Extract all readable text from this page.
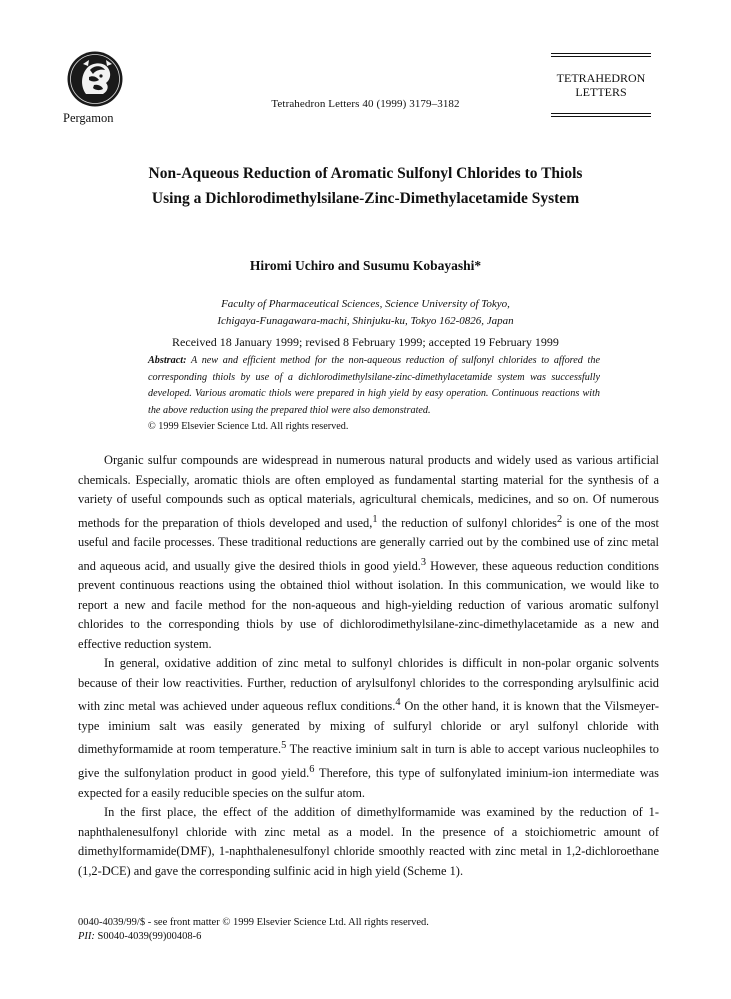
Pergamon
Tetrahedron Letters 40 (1999) 3179–3182
TETRAHEDRON
LETTERS
Non-Aqueous Reduction of Aromatic Sulfonyl Chlorides to Thiols
Using a Dichlorodimethylsilane-Zinc-Dimethylacetamide System
Hiromi Uchiro and Susumu Kobayashi*
Faculty of Pharmaceutical Sciences, Science University of Tokyo,
Ichigaya-Funagawara-machi, Shinjuku-ku, Tokyo 162-0826, Japan
Received 18 January 1999; revised 8 February 1999; accepted 19 February 1999
Abstract: A new and efficient method for the non-aqueous reduction of sulfonyl chlorides to affored the corresponding thiols by use of a dichlorodimethylsilane-zinc-dimethylacetamide system was successfully developed. Various aromatic thiols were prepared in high yield by easy operation. Continuous reactions with the above reduction using the prepared thiol were also demonstrated.
© 1999 Elsevier Science Ltd. All rights reserved.

Organic sulfur compounds are widespread in numerous natural products and widely used as various artificial chemicals. Especially, aromatic thiols are often employed as fundamental starting material for the synthesis of a variety of useful compounds such as optical materials, agricultural chemicals, medicines, and so on. Of numerous methods for the preparation of thiols developed and used,$^1$ the reduction of sulfonyl chlorides$^2$ is one of the most useful and facile processes. These traditional reductions are generally carried out by the combined use of zinc metal and aqueous acid, and usually give the desired thiols in good yield.$^3$ However, these aqueous reduction conditions prevent continuous reactions using the obtained thiol without isolation. In this communication, we would like to report a new and facile method for the non-aqueous and high-yielding reduction of various aromatic sulfonyl chlorides to the corresponding thiols by use of dichlorodimethylsilane-zinc-dimethylacetamide as a new and effective reduction system.

In general, oxidative addition of zinc metal to sulfonyl chlorides is difficult in non-polar organic solvents because of their low reactivities. Further, reduction of arylsulfonyl chlorides to the corresponding arylsulfinic acid with zinc metal was achieved under aqueous reflux conditions.$^4$ On the other hand, it is known that the Vilsmeyer-type iminium salt was easily generated by mixing of sulfuryl chloride or aryl sulfonyl chloride with dimethyformamide at room temperature.$^5$ The reactive iminium salt in turn is able to accept various nucleophiles to give the sulfonylation product in good yield.$^6$ Therefore, this type of sulfonylated iminium-ion intermediate was expected for a easily reducible species on the sulfur atom.

In the first place, the effect of the addition of dimethylformamide was examined by the reduction of 1-naphthalenesulfonyl chloride with zinc metal as a model. In the presence of a stoichiometric amount of dimethylformamide(DMF), 1-naphthalenesulfonyl chloride smoothly reacted with zinc metal in 1,2-dichloroethane (1,2-DCE) and gave the corresponding sulfinic acid in high yield (Scheme 1).

0040-4039/99/$ - see front matter © 1999 Elsevier Science Ltd. All rights reserved.
PII: S0040-4039(99)00408-6
